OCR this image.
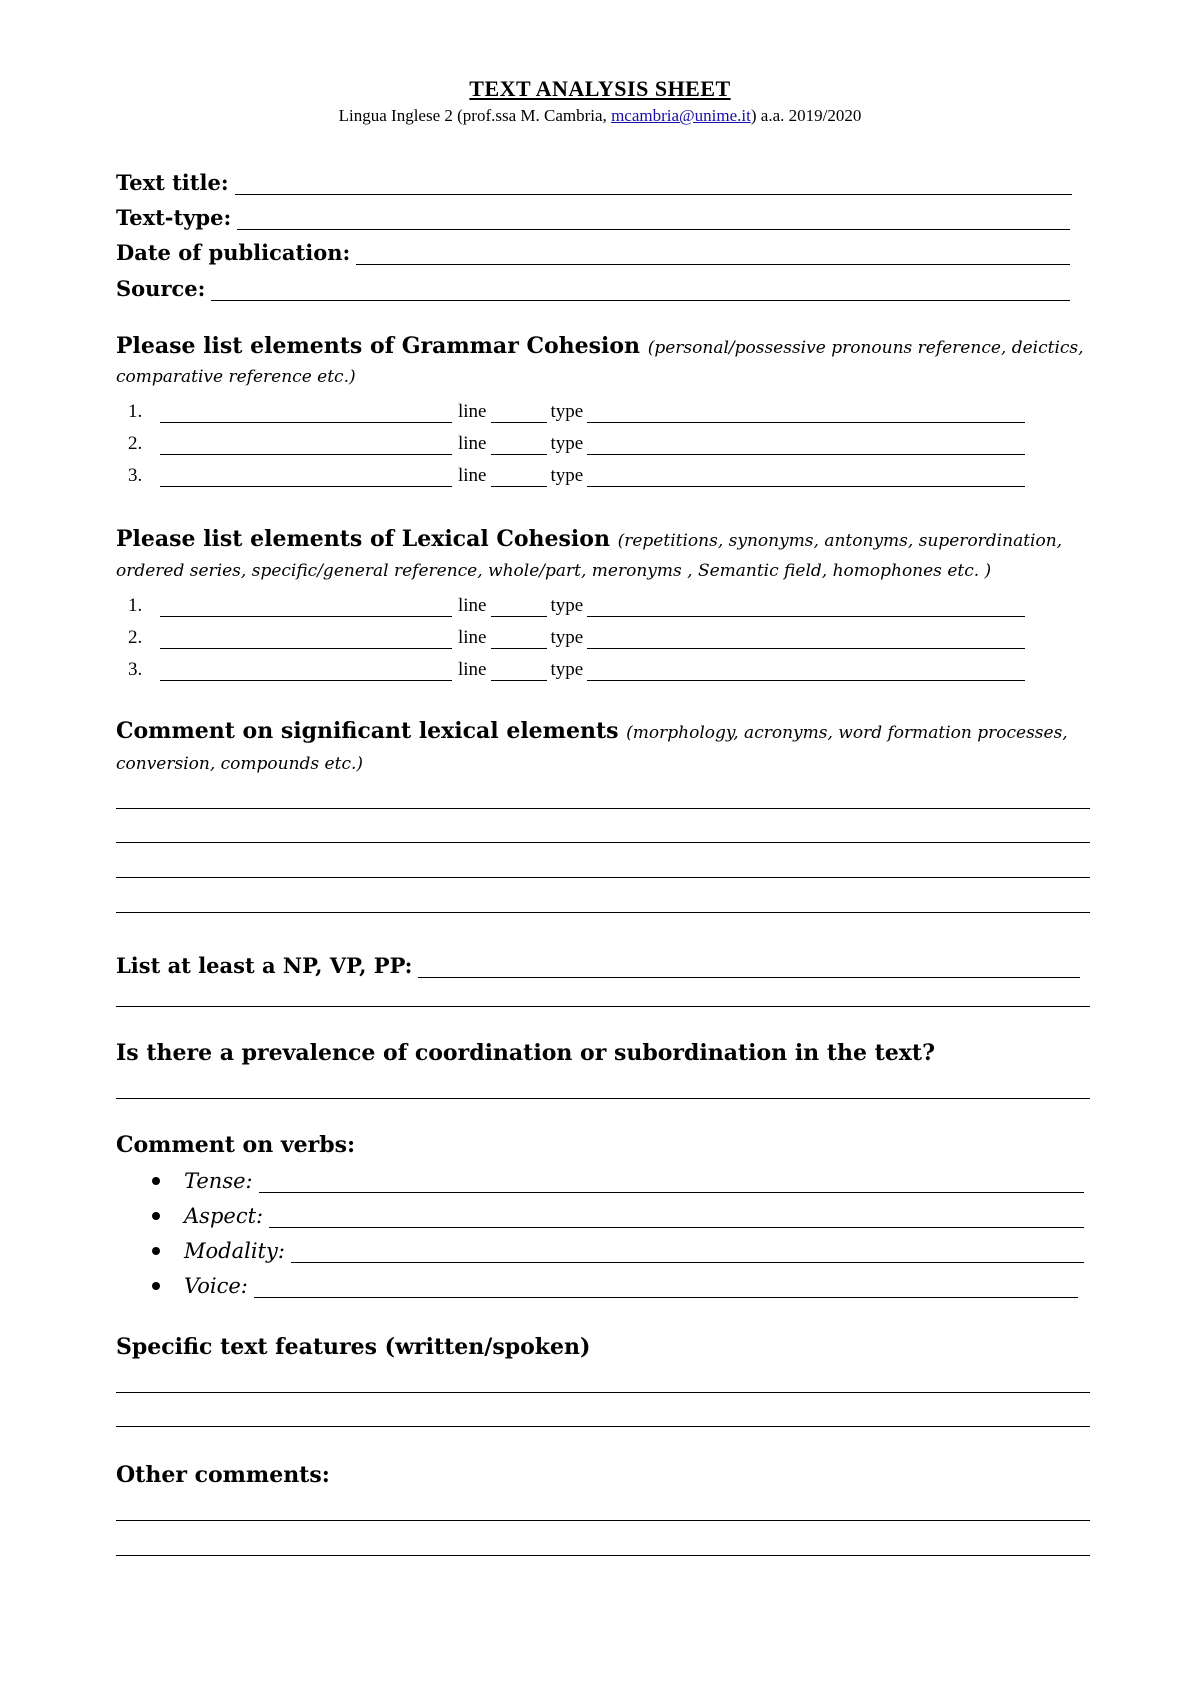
TEXT ANALYSIS SHEET
Lingua Inglese 2 (prof.ssa M. Cambria, mcambria@unime.it) a.a. 2019/2020
Text title:
Text-type:
Date of publication:
Source:
Please list elements of Grammar Cohesion (personal/possessive pronouns reference, deictics,
comparative reference etc.)
1.	line	type
2.	line	type
3.	line	type
Please list elements of Lexical Cohesion (repetitions, synonyms, antonyms, superordination,
ordered series, specific/general reference, whole/part, meronyms , Semantic field, homophones etc. )
1.	line	type
2.	line	type
3.	line	type
Comment on significant lexical elements (morphology, acronyms, word formation processes,
conversion, compounds etc.)
List at least a NP, VP, PP:
Is there a prevalence of coordination or subordination in the text?
Comment on verbs:
Tense:
Aspect:
Modality:
Voice:
Specific text features (written/spoken)
Other comments:
